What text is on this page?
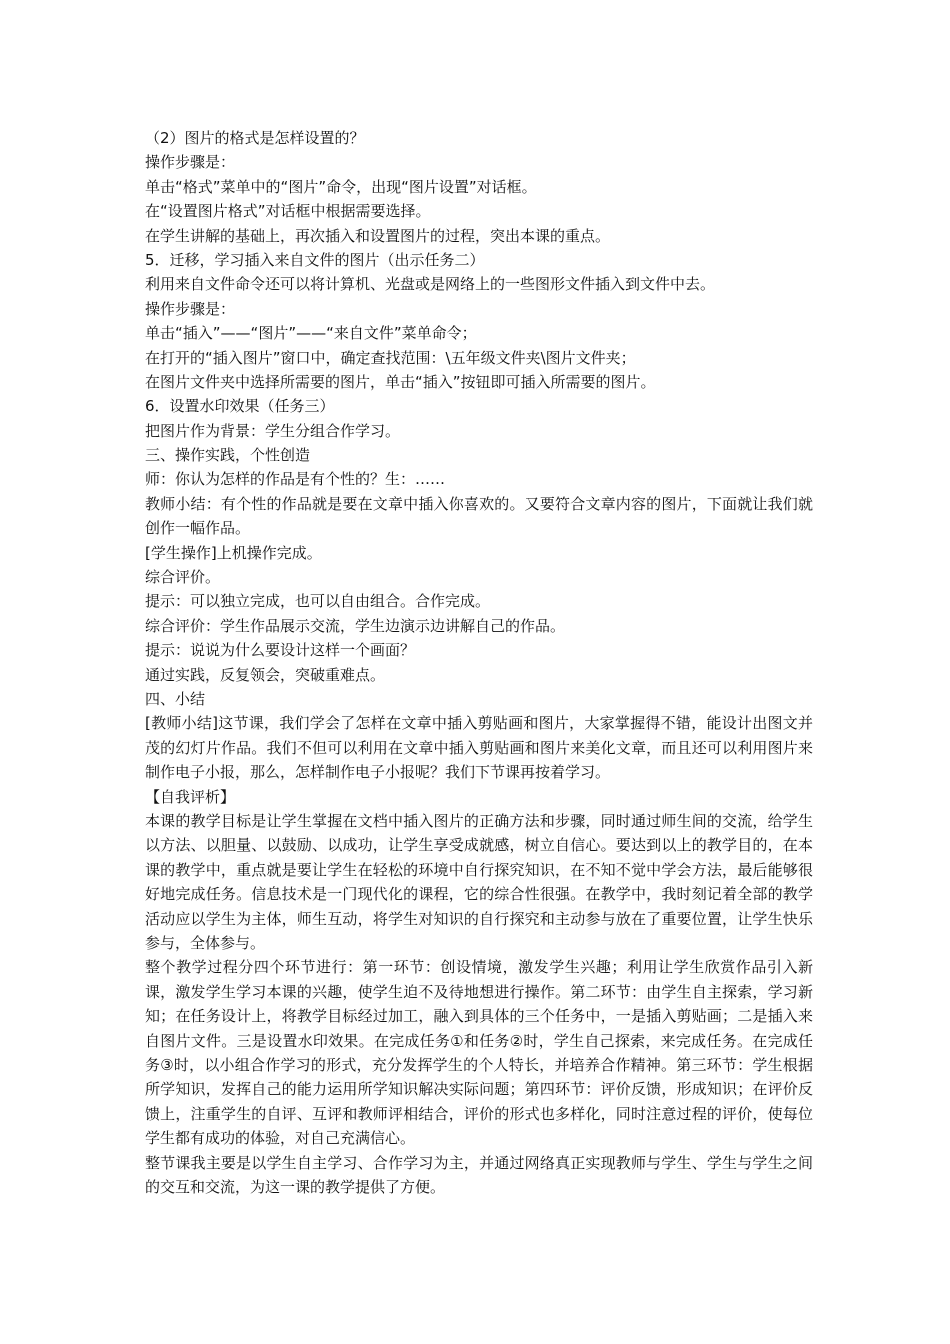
（2）图片的格式是怎样设置的？
操作步骤是：
单击“格式”菜单中的“图片”命令，出现“图片设置”对话框。
在“设置图片格式”对话框中根据需要选择。
在学生讲解的基础上，再次插入和设置图片的过程，突出本课的重点。
5．迁移，学习插入来自文件的图片（出示任务二）
利用来自文件命令还可以将计算机、光盘或是网络上的一些图形文件插入到文件中去。
操作步骤是：
单击“插入”——“图片”——“来自文件”菜单命令；
在打开的“插入图片”窗口中，确定查找范围：\五年级文件夹\图片文件夹；
在图片文件夹中选择所需要的图片，单击“插入”按钮即可插入所需要的图片。
6．设置水印效果（任务三）
把图片作为背景：学生分组合作学习。
三、操作实践，个性创造
师：你认为怎样的作品是有个性的？生：……
教师小结：有个性的作品就是要在文章中插入你喜欢的。又要符合文章内容的图片，下面就让我们就创作一幅作品。
[学生操作]上机操作完成。
综合评价。
提示：可以独立完成，也可以自由组合。合作完成。
综合评价：学生作品展示交流，学生边演示边讲解自己的作品。
提示：说说为什么要设计这样一个画面？
通过实践，反复领会，突破重难点。
四、小结
[教师小结]这节课，我们学会了怎样在文章中插入剪贴画和图片，大家掌握得不错，能设计出图文并茂的幻灯片作品。我们不但可以利用在文章中插入剪贴画和图片来美化文章，而且还可以利用图片来制作电子小报，那么，怎样制作电子小报呢？我们下节课再按着学习。
【自我评析】
本课的教学目标是让学生掌握在文档中插入图片的正确方法和步骤，同时通过师生间的交流，给学生以方法、以胆量、以鼓励、以成功，让学生享受成就感，树立自信心。要达到以上的教学目的，在本课的教学中，重点就是要让学生在轻松的环境中自行探究知识，在不知不觉中学会方法，最后能够很好地完成任务。信息技术是一门现代化的课程，它的综合性很强。在教学中，我时刻记着全部的教学活动应以学生为主体，师生互动，将学生对知识的自行探究和主动参与放在了重要位置，让学生快乐参与，全体参与。
整个教学过程分四个环节进行：第一环节：创设情境，激发学生兴趣；利用让学生欣赏作品引入新课，激发学生学习本课的兴趣，使学生迫不及待地想进行操作。第二环节：由学生自主探索，学习新知；在任务设计上，将教学目标经过加工，融入到具体的三个任务中，一是插入剪贴画；二是插入来自图片文件。三是设置水印效果。在完成任务①和任务②时，学生自己探索，来完成任务。在完成任务③时，以小组合作学习的形式，充分发挥学生的个人特长，并培养合作精神。第三环节：学生根据所学知识，发挥自己的能力运用所学知识解决实际问题；第四环节：评价反馈，形成知识；在评价反馈上，注重学生的自评、互评和教师评相结合，评价的形式也多样化，同时注意过程的评价，使每位学生都有成功的体验，对自己充满信心。
整节课我主要是以学生自主学习、合作学习为主，并通过网络真正实现教师与学生、学生与学生之间的交互和交流，为这一课的教学提供了方便。
